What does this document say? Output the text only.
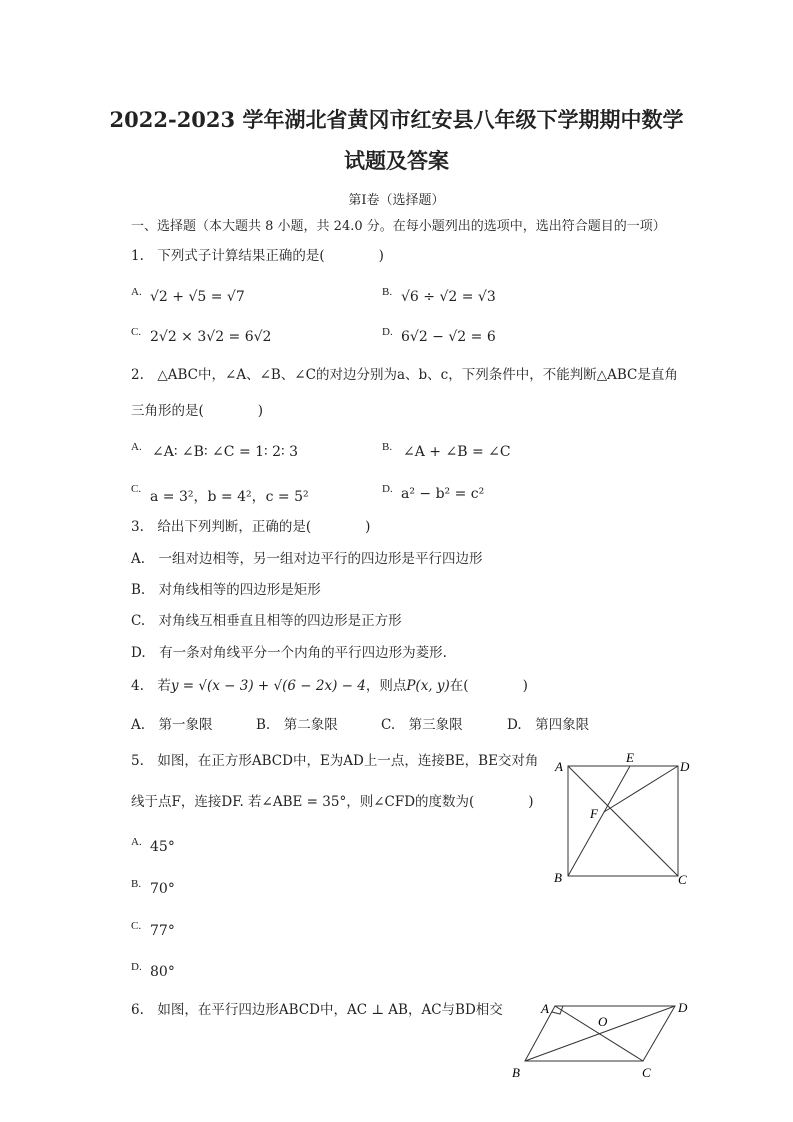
2022-2023 学年湖北省黄冈市红安县八年级下学期期中数学
试题及答案
第Ⅰ卷（选择题）
一、选择题（本大题共 8 小题，共 24.0 分。在每小题列出的选项中，选出符合题目的一项）
1.　下列式子计算结果正确的是(　　　　)
A. √2 + √5 = √7	B. √6 ÷ √2 = √3
C. 2√2 × 3√2 = 6√2	D. 6√2 − √2 = 6
2.　△ABC中，∠A、∠B、∠C的对边分别为a、b、c，下列条件中，不能判断△ABC是直角
三角形的是(　　　　)
A. ∠A∶ ∠B∶ ∠C = 1∶ 2∶ 3	B. ∠A + ∠B = ∠C
C. a = 3²，b = 4²，c = 5²	D. a² − b² = c²
3.　给出下列判断，正确的是(　　　　)
A.　一组对边相等，另一组对边平行的四边形是平行四边形
B.　对角线相等的四边形是矩形
C.　对角线互相垂直且相等的四边形是正方形
D.　有一条对角线平分一个内角的平行四边形为菱形.
4.　若y = √(x − 3) + √(6 − 2x) − 4，则点P(x, y)在(　　　　)
A.　第一象限	B.　第二象限	C.　第三象限	D.　第四象限
5.　如图，在正方形ABCD中，E为AD上一点，连接BE，BE交对角
线于点F，连接DF. 若∠ABE = 35°，则∠CFD的度数为(　　　　)
A. 45°
B. 70°
C. 77°
D. 80°
A
E
D
F
B	C
6.　如图，在平行四边形ABCD中，AC ⊥ AB，AC与BD相交	A
O
D
B	C
